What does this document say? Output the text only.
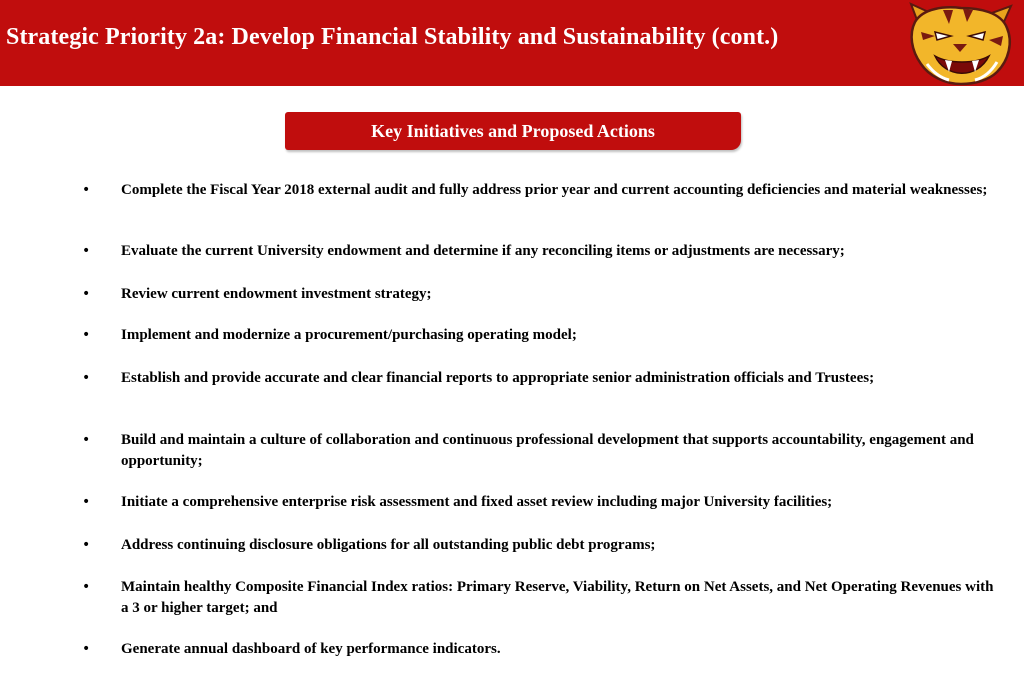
Strategic Priority 2a: Develop Financial Stability and Sustainability (cont.)
Key Initiatives and Proposed Actions
• Complete the Fiscal Year 2018 external audit and fully address prior year and current accounting deficiencies and material weaknesses;
• Evaluate the current University endowment and determine if any reconciling items or adjustments are necessary;
• Review current endowment investment strategy;
• Implement and modernize a procurement/purchasing operating model;
• Establish and provide accurate and clear financial reports to appropriate senior administration officials and Trustees;
• Build and maintain a culture of collaboration and continuous professional development that supports accountability, engagement and opportunity;
• Initiate a comprehensive enterprise risk assessment and fixed asset review including major University facilities;
• Address continuing disclosure obligations for all outstanding public debt programs;
• Maintain healthy Composite Financial Index ratios: Primary Reserve, Viability, Return on Net Assets, and Net Operating Revenues with a 3 or higher target; and
• Generate annual dashboard of key performance indicators.
